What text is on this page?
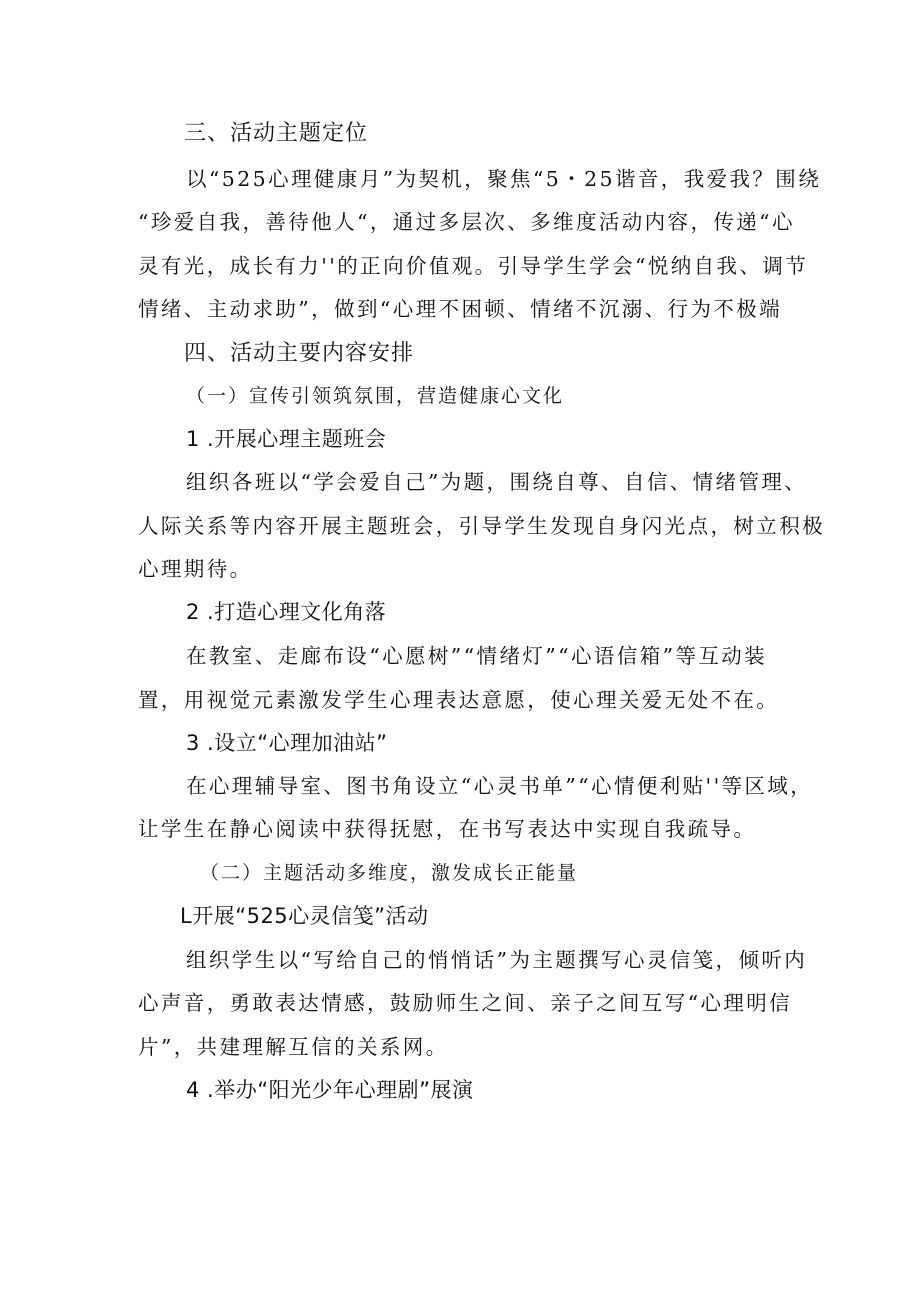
三、活动主题定位
以“525心理健康月”为契机，聚焦“5・25谐音，我爱我？围绕
“珍爱自我，善待他人“，通过多层次、多维度活动内容，传递“心
灵有光，成长有力''的正向价值观。引导学生学会“悦纳自我、调节
情绪、主动求助”，做到“心理不困顿、情绪不沉溺、行为不极端
四、活动主要内容安排
（一）宣传引领筑氛围，营造健康心文化
1 .开展心理主题班会
组织各班以“学会爱自己”为题，围绕自尊、自信、情绪管理、
人际关系等内容开展主题班会，引导学生发现自身闪光点，树立积极
心理期待。
2 .打造心理文化角落
在教室、走廊布设“心愿树”“情绪灯”“心语信箱”等互动装
置，用视觉元素激发学生心理表达意愿，使心理关爱无处不在。
3 .设立“心理加油站”
在心理辅导室、图书角设立“心灵书单”“心情便利贴''等区域，
让学生在静心阅读中获得抚慰，在书写表达中实现自我疏导。
（二）主题活动多维度，激发成长正能量
L开展“525心灵信笺”活动
组织学生以“写给自己的悄悄话”为主题撰写心灵信笺，倾听内
心声音，勇敢表达情感，鼓励师生之间、亲子之间互写“心理明信
片”，共建理解互信的关系网。
4 .举办“阳光少年心理剧”展演
